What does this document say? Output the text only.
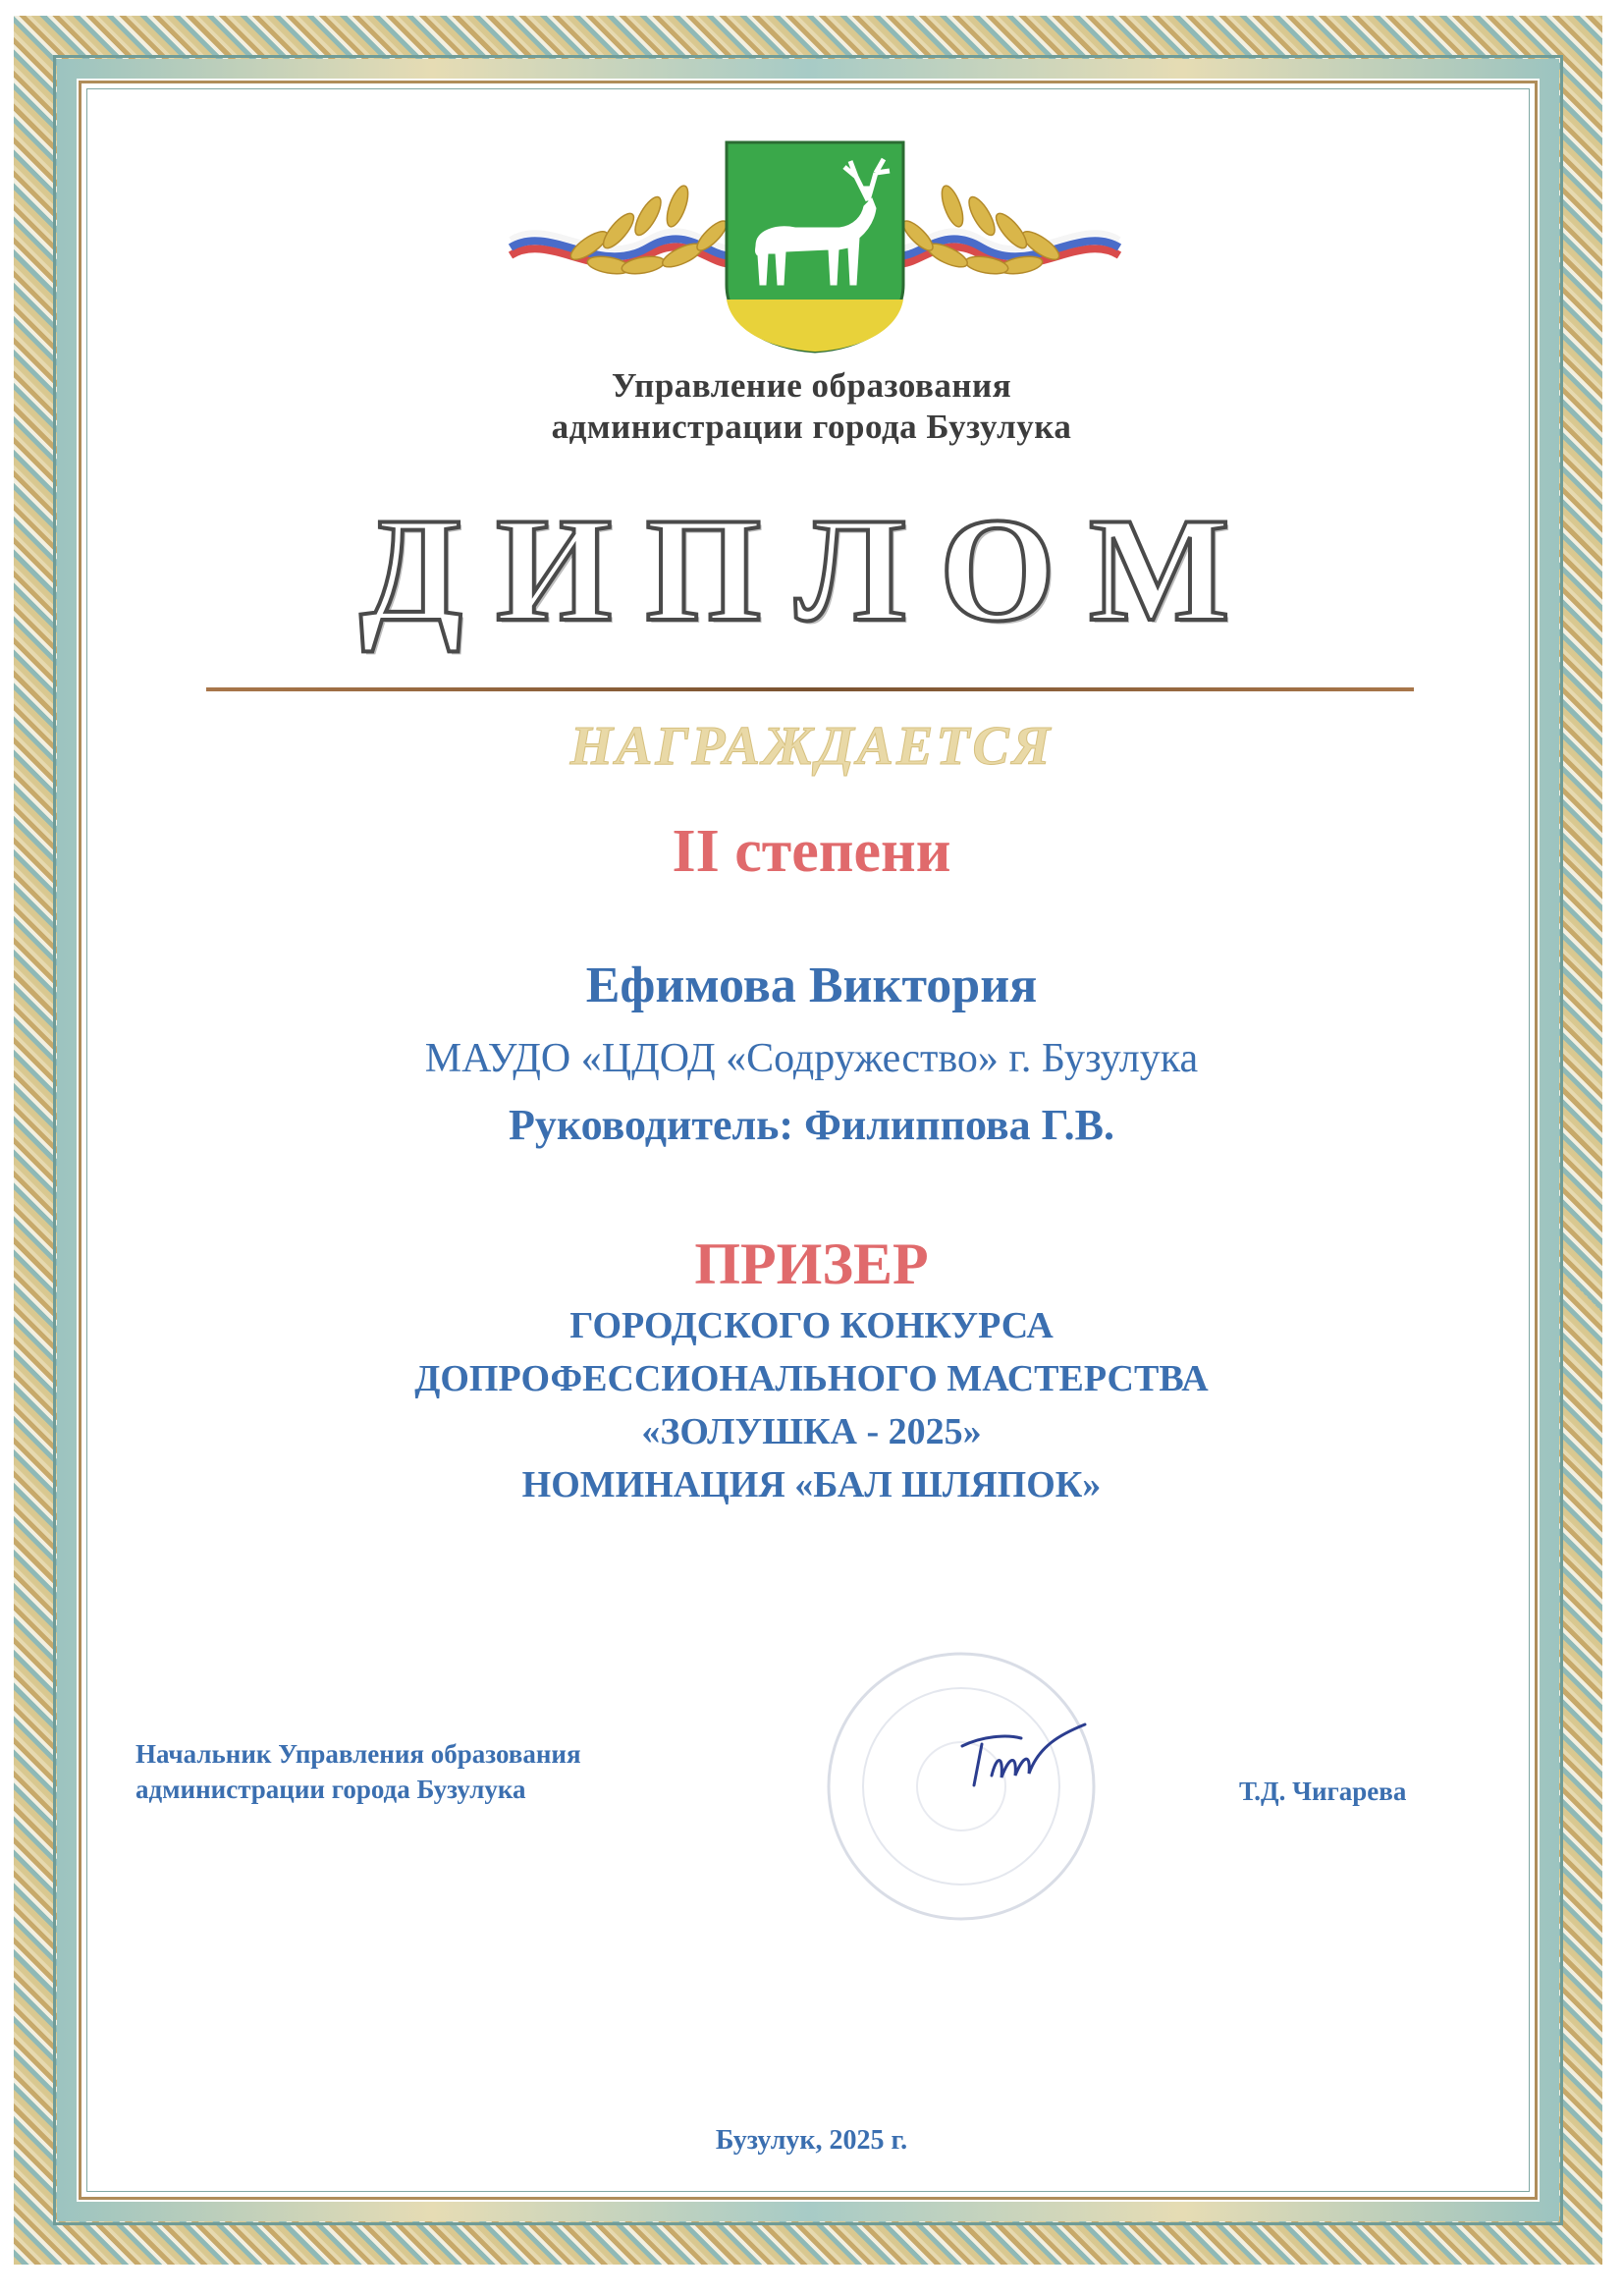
Управление образования
администрации города Бузулука
ДИПЛОМ
НАГРАЖДАЕТСЯ
II степени
Ефимова Виктория
МАУДО «ЦДОД «Содружество» г. Бузулука
Руководитель: Филиппова Г.В.
ПРИЗЕР
ГОРОДСКОГО КОНКУРСА
ДОПРОФЕССИОНАЛЬНОГО МАСТЕРСТВА
«ЗОЛУШКА - 2025»
НОМИНАЦИЯ «БАЛ ШЛЯПОК»
Начальник Управления образования
администрации города Бузулука	Т.Д. Чигарева
Бузулук, 2025 г.
